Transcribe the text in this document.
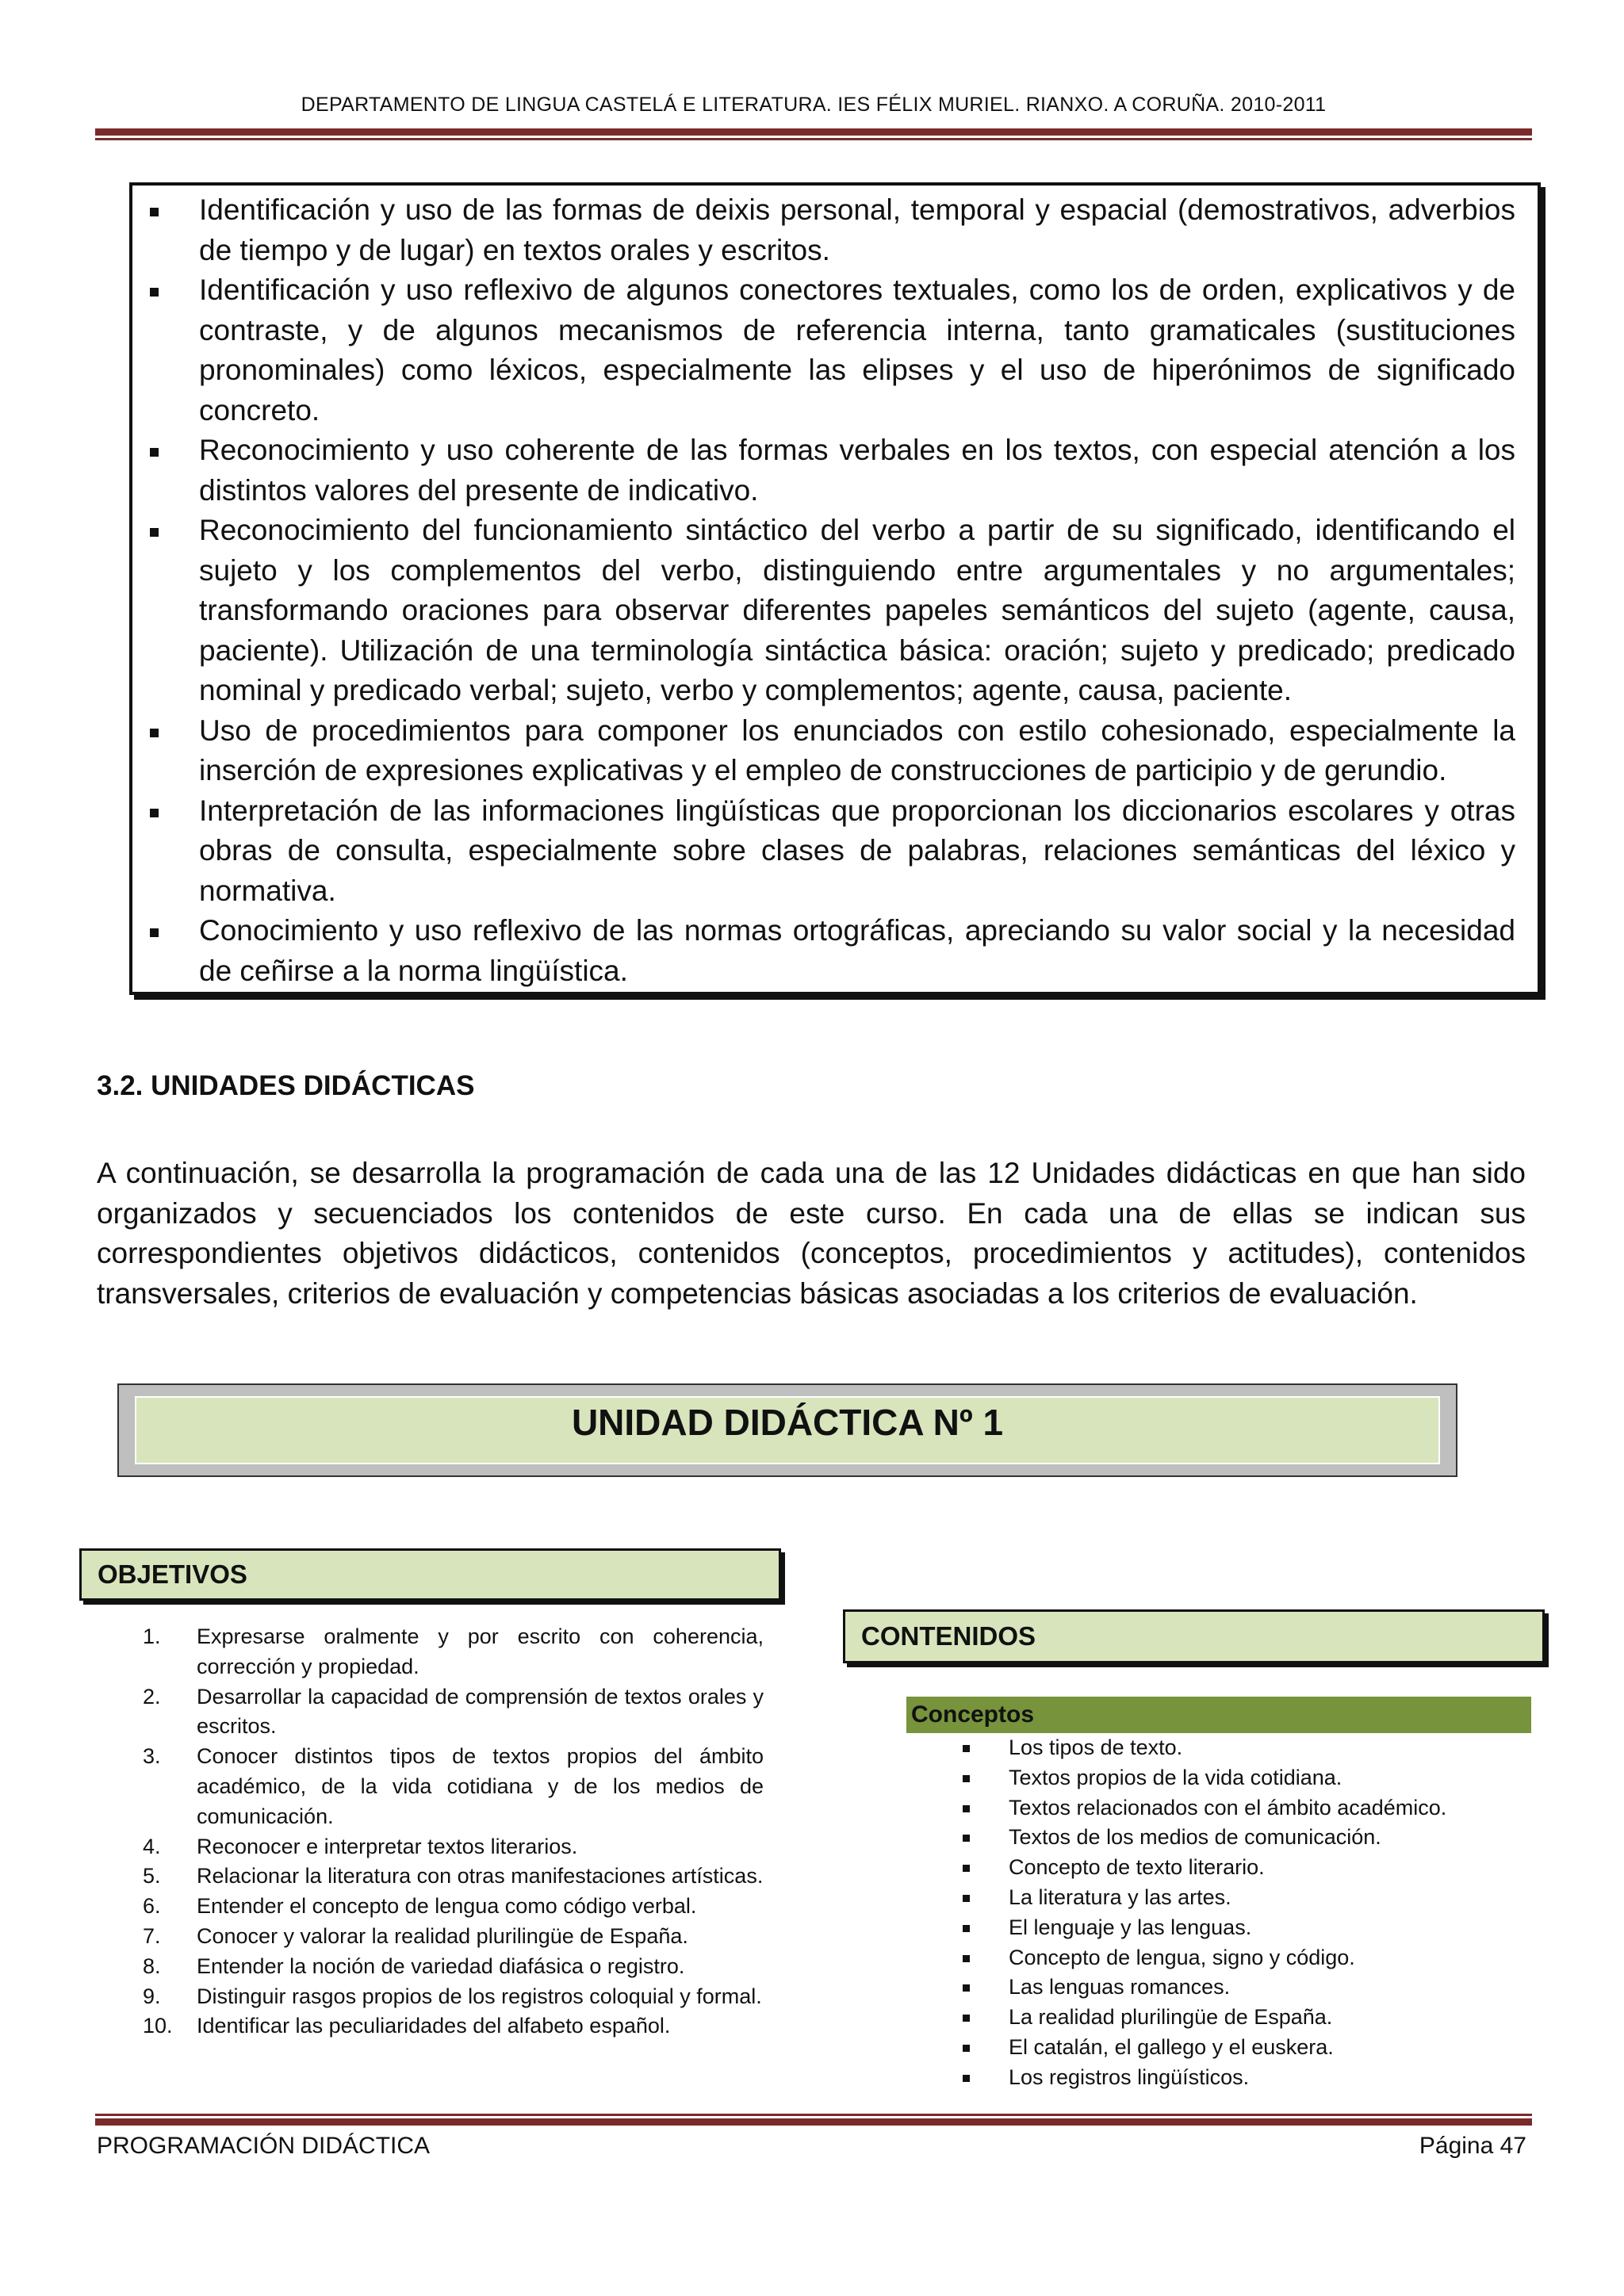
DEPARTAMENTO DE LINGUA CASTELÁ E LITERATURA. IES FÉLIX MURIEL. RIANXO. A CORUÑA. 2010-2011
Identificación y uso de las formas de deixis personal, temporal y espacial (demostrativos, adverbios de tiempo y de lugar) en textos orales y escritos.
Identificación y uso reflexivo de algunos conectores textuales, como los de orden, explicativos y de contraste, y de algunos mecanismos de referencia interna, tanto gramaticales (sustituciones pronominales) como léxicos, especialmente las elipses y el uso de hiperónimos de significado concreto.
Reconocimiento y uso coherente de las formas verbales en los textos, con especial atención a los distintos valores del presente de indicativo.
Reconocimiento del funcionamiento sintáctico del verbo a partir de su significado, identificando el sujeto y los complementos del verbo, distinguiendo entre argumentales y no argumentales; transformando oraciones para observar diferentes papeles semánticos del sujeto (agente, causa, paciente). Utilización de una terminología sintáctica básica: oración; sujeto y predicado; predicado nominal y predicado verbal; sujeto, verbo y complementos; agente, causa, paciente.
Uso de procedimientos para componer los enunciados con estilo cohesionado, especialmente la inserción de expresiones explicativas y el empleo de construcciones de participio y de gerundio.
Interpretación de las informaciones lingüísticas que proporcionan los diccionarios escolares y otras obras de consulta, especialmente sobre clases de palabras, relaciones semánticas del léxico y normativa.
Conocimiento y uso reflexivo de las normas ortográficas, apreciando su valor social y la necesidad de ceñirse a la norma lingüística.
3.2. UNIDADES DIDÁCTICAS
A continuación, se desarrolla la programación de cada una de las 12 Unidades didácticas en que han sido organizados y secuenciados los contenidos de este curso. En cada una de ellas se indican sus correspondientes objetivos didácticos, contenidos (conceptos, procedimientos y actitudes), contenidos transversales, criterios de evaluación y competencias básicas asociadas a los criterios de evaluación.
UNIDAD DIDÁCTICA Nº 1
OBJETIVOS
1. Expresarse oralmente y por escrito con coherencia, corrección y propiedad.
2. Desarrollar la capacidad de comprensión de textos orales y escritos.
3. Conocer distintos tipos de textos propios del ámbito académico, de la vida cotidiana y de los medios de comunicación.
4. Reconocer e interpretar textos literarios.
5. Relacionar la literatura con otras manifestaciones artísticas.
6. Entender el concepto de lengua como código verbal.
7. Conocer y valorar la realidad plurilingüe de España.
8. Entender la noción de variedad diafásica o registro.
9. Distinguir rasgos propios de los registros coloquial y formal.
10. Identificar las peculiaridades del alfabeto español.
CONTENIDOS
Conceptos
Los tipos de texto.
Textos propios de la vida cotidiana.
Textos relacionados con el ámbito académico.
Textos de los medios de comunicación.
Concepto de texto literario.
La literatura y las artes.
El lenguaje y las lenguas.
Concepto de lengua, signo y código.
Las lenguas romances.
La realidad plurilingüe de España.
El catalán, el gallego y el euskera.
Los registros lingüísticos.
PROGRAMACIÓN DIDÁCTICA	Página 47
